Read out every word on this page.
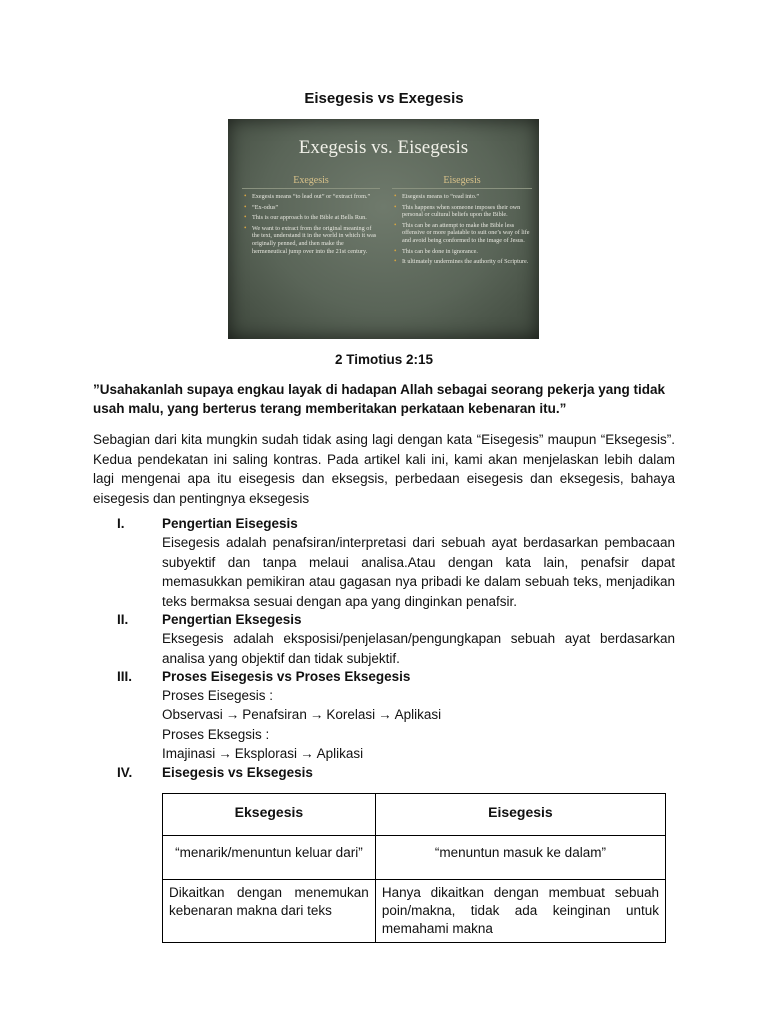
Eisegesis vs Exegesis
Exegesis vs. Eisegesis
Exegesis
• Exegesis means “to lead out” or “extract from.”
• “Ex-odus”
• This is our approach to the Bible at Bells Run.
• We want to extract from the original meaning of the text, understand it in the world in which it was originally penned, and then make the hermeneutical jump over into the 21st century.
Eisegesis
• Eisegesis means to “read into.”
• This happens when someone imposes their own personal or cultural beliefs upon the Bible.
• This can be an attempt to make the Bible less offensive or more palatable to suit one’s way of life and avoid being conformed to the image of Jesus.
• This can be done in ignorance.
• It ultimately undermines the authority of Scripture.
2 Timotius 2:15
”Usahakanlah supaya engkau layak di hadapan Allah sebagai seorang pekerja yang tidak usah malu, yang berterus terang memberitakan perkataan kebenaran itu.”
Sebagian dari kita mungkin sudah tidak asing lagi dengan kata “Eisegesis” maupun “Eksegesis”. Kedua pendekatan ini saling kontras. Pada artikel kali ini, kami akan menjelaskan lebih dalam lagi mengenai apa itu eisegesis dan eksegsis, perbedaan eisegesis dan eksegesis, bahaya eisegesis dan pentingnya eksegesis
I.	Pengertian Eisegesis
Eisegesis adalah penafsiran/interpretasi dari sebuah ayat berdasarkan pembacaan subyektif dan tanpa melaui analisa.Atau dengan kata lain, penafsir dapat memasukkan pemikiran atau gagasan nya pribadi ke dalam sebuah teks, menjadikan teks bermaksa sesuai dengan apa yang dinginkan penafsir.
II. Pengertian Eksegesis
Eksegesis adalah eksposisi/penjelasan/pengungkapan sebuah ayat berdasarkan analisa yang objektif dan tidak subjektif.
III. Proses Eisegesis vs Proses Eksegesis
Proses Eisegesis :
Observasi → Penafsiran → Korelasi → Aplikasi
Proses Eksegsis :
Imajinasi → Eksplorasi → Aplikasi
IV. Eisegesis vs Eksegesis
Eksegesis	Eisegesis
“menarik/menuntun keluar dari”	“menuntun masuk ke dalam”
Dikaitkan dengan menemukan kebenaran makna dari teks	Hanya dikaitkan dengan membuat sebuah poin/makna, tidak ada keinginan untuk memahami makna
